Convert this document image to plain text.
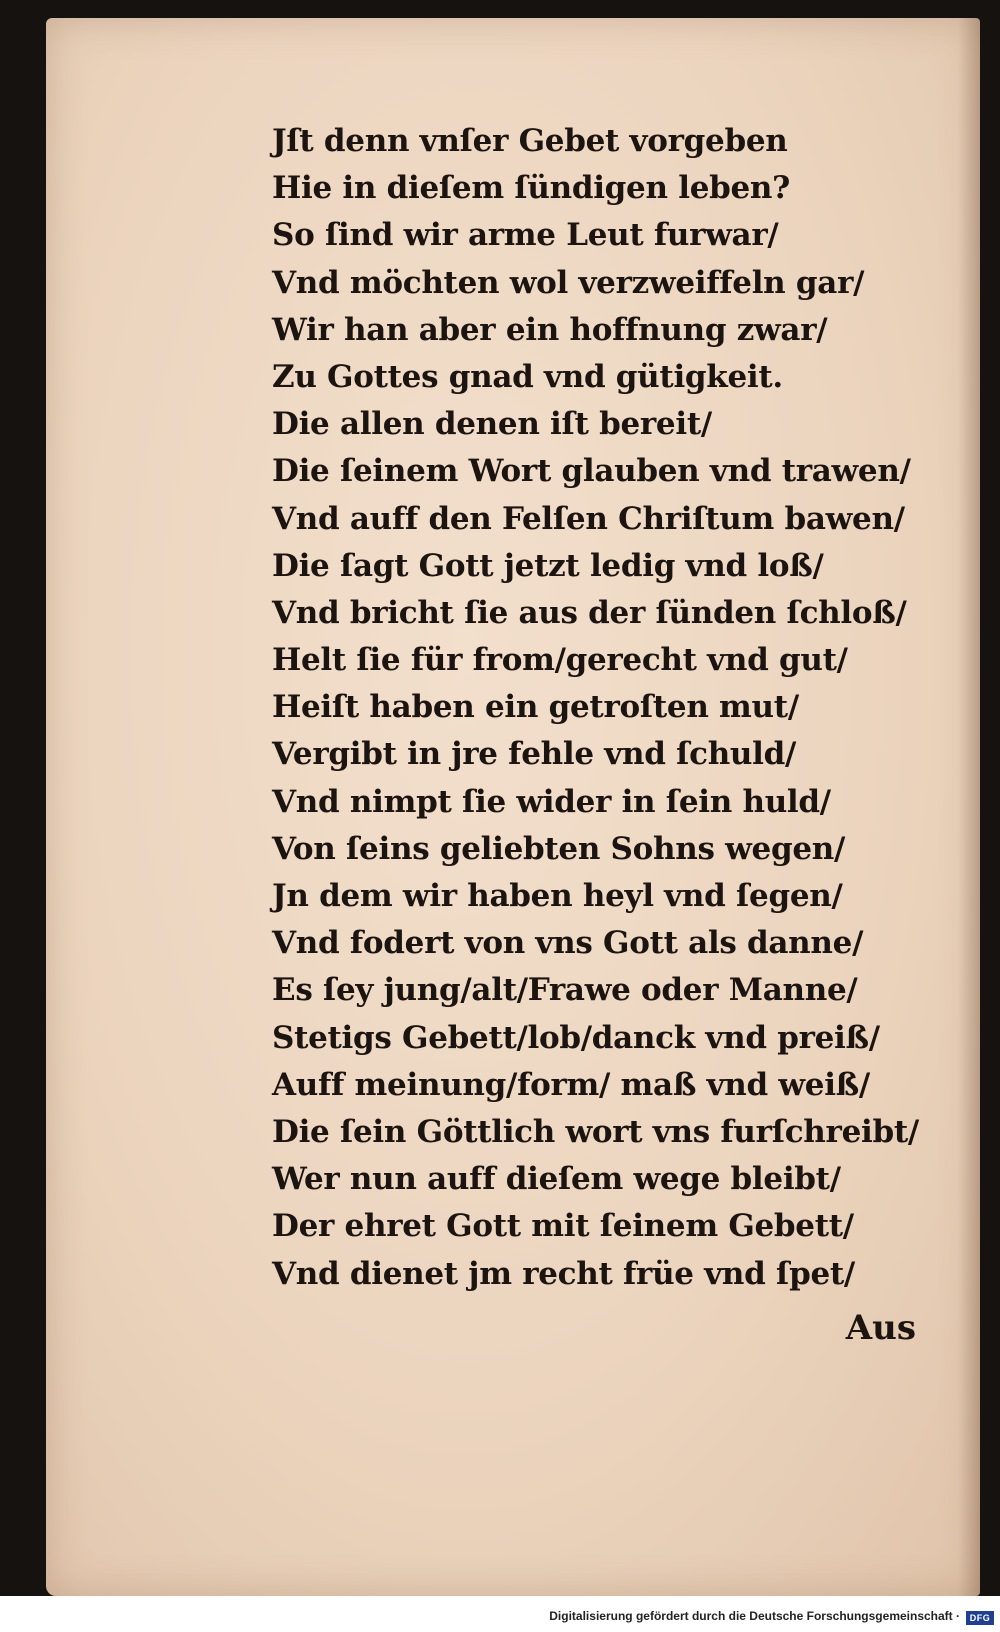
Jſt denn vnſer Gebet vorgeben
Hie in dieſem ſündigen leben?
So ſind wir arme Leut furwar/
Vnd möchten wol verzweiffeln gar/
Wir han aber ein hoffnung zwar/
Zu Gottes gnad vnd gütigkeit.
Die allen denen iſt bereit/
Die ſeinem Wort glauben vnd trawen/
Vnd auff den Felſen Chriſtum bawen/
Die ſagt Gott jetzt ledig vnd loß/
Vnd bricht ſie aus der ſünden ſchloß/
Helt ſie für from/gerecht vnd gut/
Heiſt haben ein getroſten mut/
Vergibt in jre fehle vnd ſchuld/
Vnd nimpt ſie wider in ſein huld/
Von ſeins geliebten Sohns wegen/
Jn dem wir haben heyl vnd ſegen/
Vnd fodert von vns Gott als danne/
Es ſey jung/alt/Frawe oder Manne/
Stetigs Gebett/lob/danck vnd preiß/
Auff meinung/form/ maß vnd weiß/
Die ſein Göttlich wort vns furſchreibt/
Wer nun auff dieſem wege bleibt/
Der ehret Gott mit ſeinem Gebett/
Vnd dienet jm recht früe vnd ſpet/
Aus
Digitalisierung gefördert durch die Deutsche Forschungsgemeinschaft ·	DFG
